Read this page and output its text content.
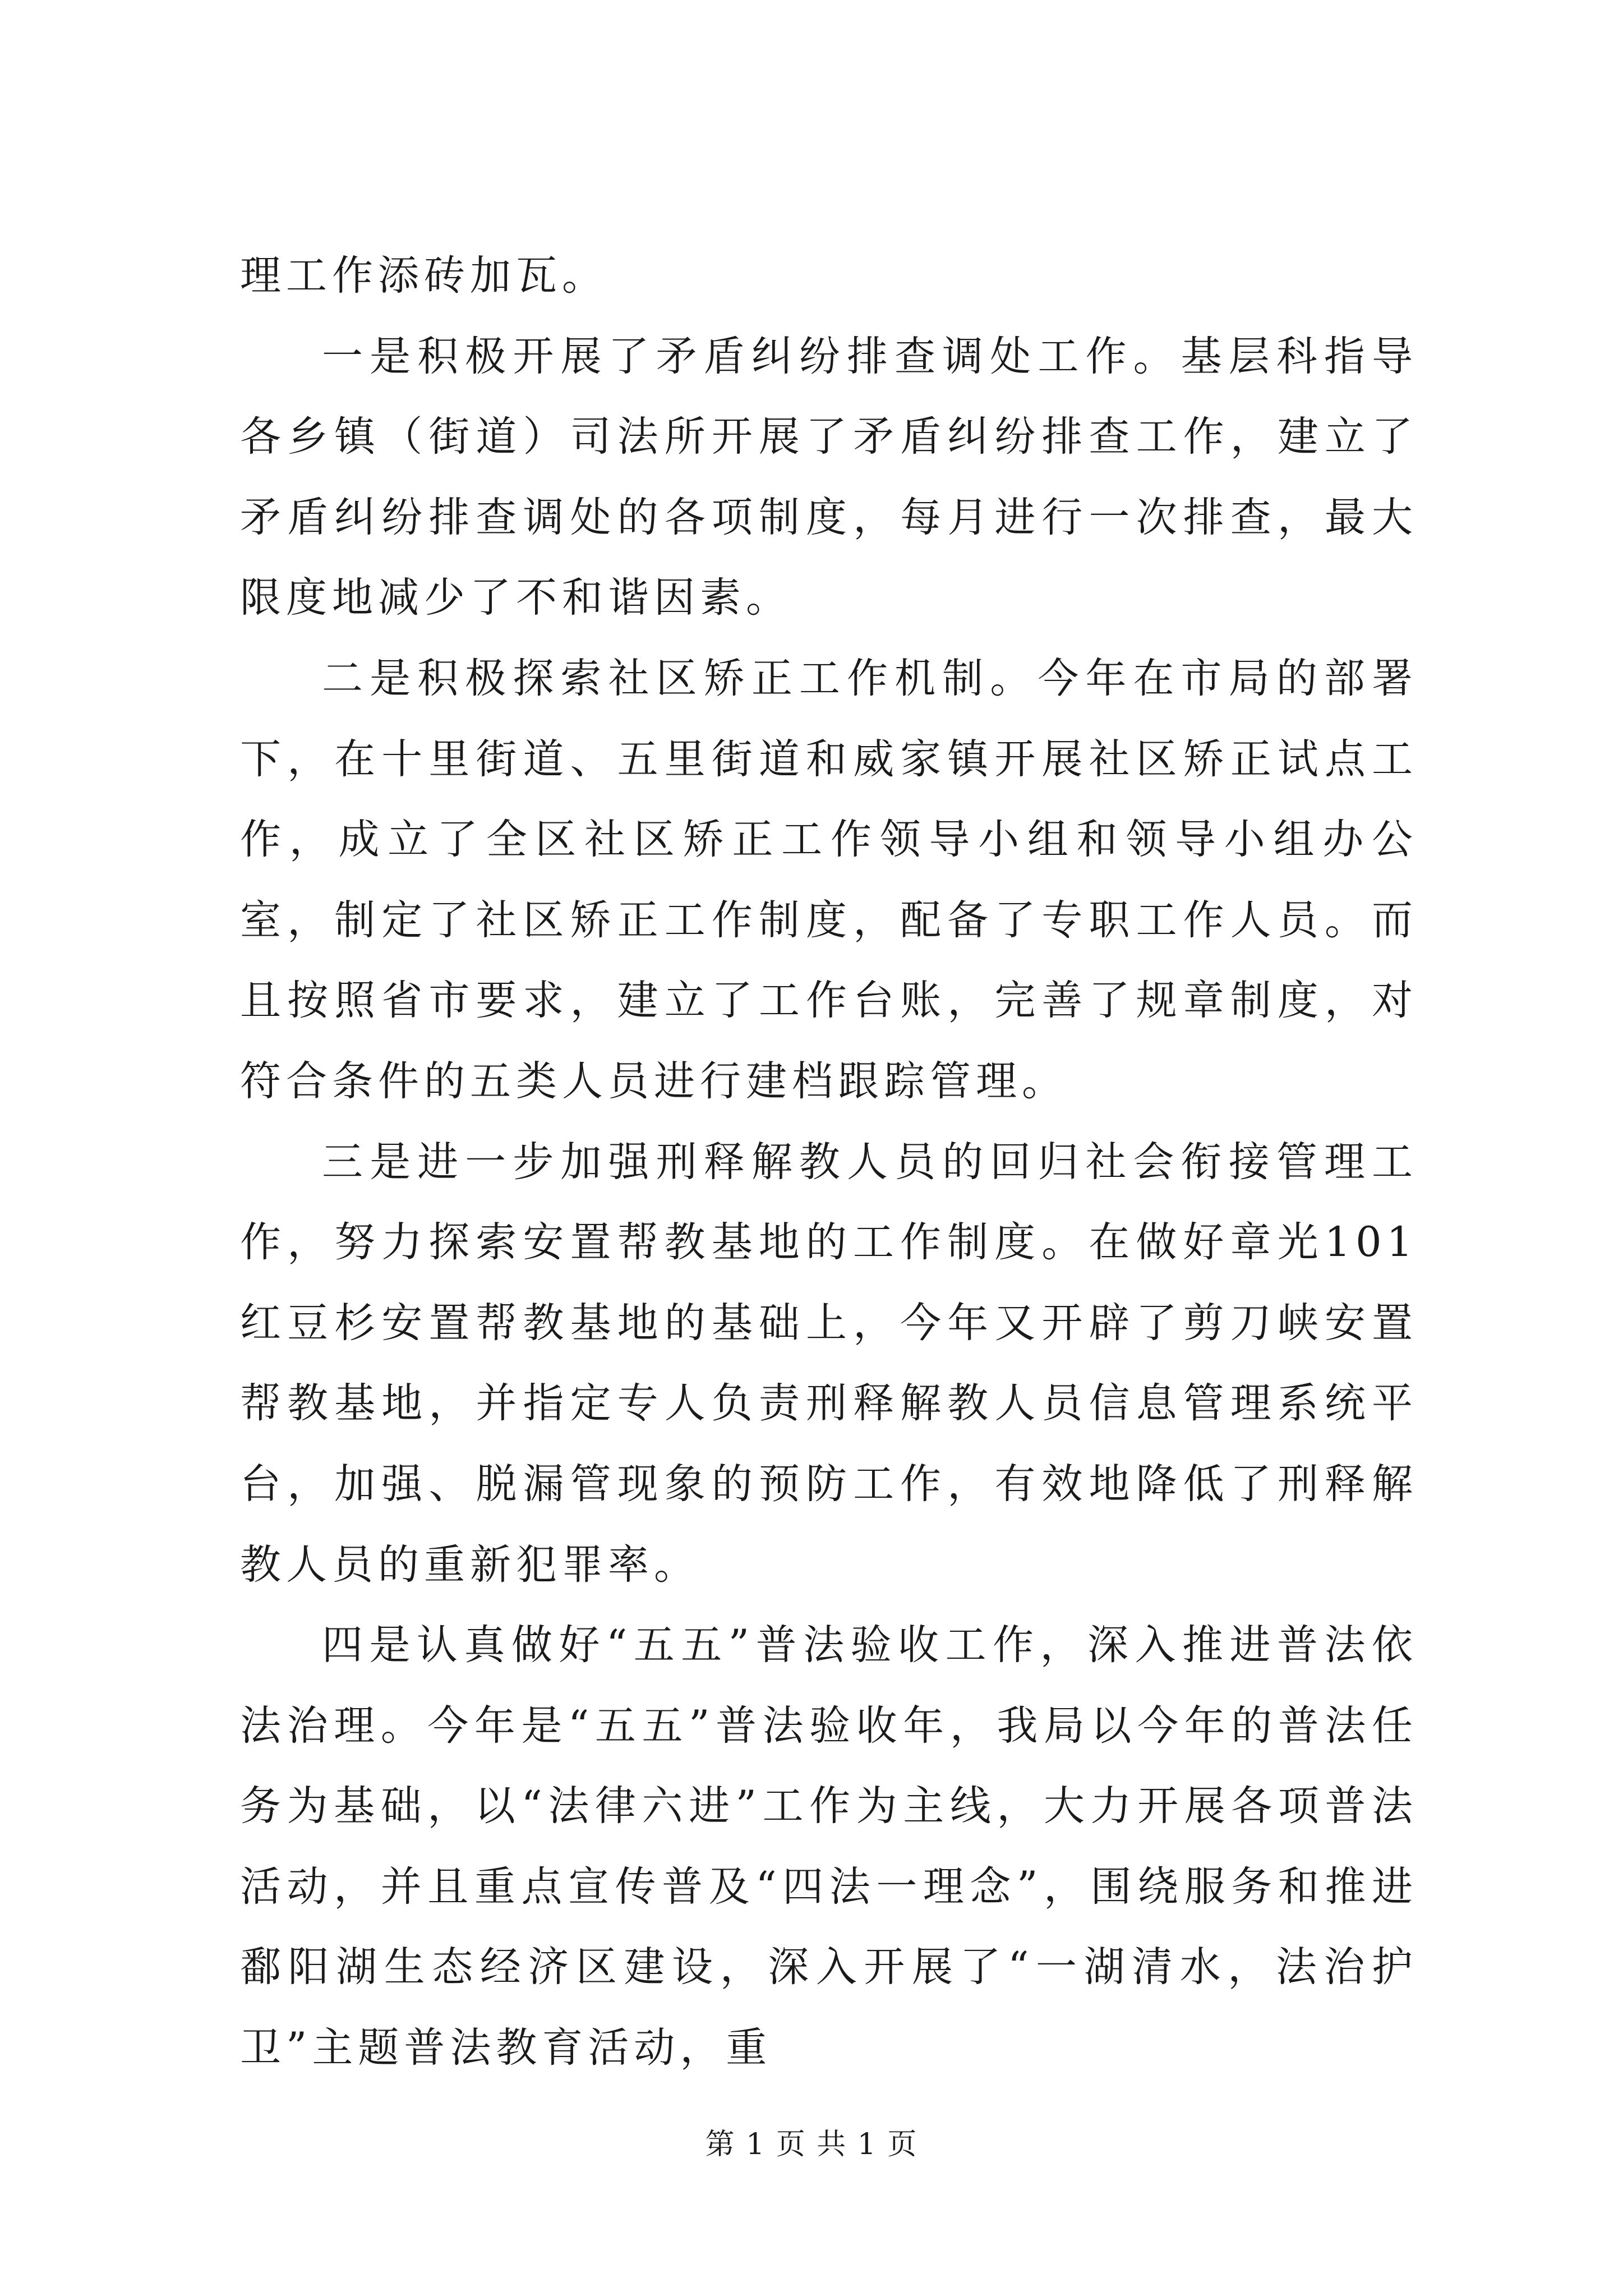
理工作添砖加瓦。

一是积极开展了矛盾纠纷排查调处工作。基层科指导各乡镇（街道）司法所开展了矛盾纠纷排查工作，建立了矛盾纠纷排查调处的各项制度，每月进行一次排查，最大限度地减少了不和谐因素。

二是积极探索社区矫正工作机制。今年在市局的部署下，在十里街道、五里街道和威家镇开展社区矫正试点工作，成立了全区社区矫正工作领导小组和领导小组办公室，制定了社区矫正工作制度，配备了专职工作人员。而且按照省市要求，建立了工作台账，完善了规章制度，对符合条件的五类人员进行建档跟踪管理。

三是进一步加强刑释解教人员的回归社会衔接管理工作，努力探索安置帮教基地的工作制度。在做好章光101红豆杉安置帮教基地的基础上，今年又开辟了剪刀峡安置帮教基地，并指定专人负责刑释解教人员信息管理系统平台，加强、脱漏管现象的预防工作，有效地降低了刑释解教人员的重新犯罪率。

四是认真做好“五五”普法验收工作，深入推进普法依法治理。今年是“五五”普法验收年，我局以今年的普法任务为基础，以“法律六进”工作为主线，大力开展各项普法活动，并且重点宣传普及“四法一理念”，围绕服务和推进鄱阳湖生态经济区建设，深入开展了“一湖清水，法治护卫”主题普法教育活动，重

第 1 页 共 1 页
